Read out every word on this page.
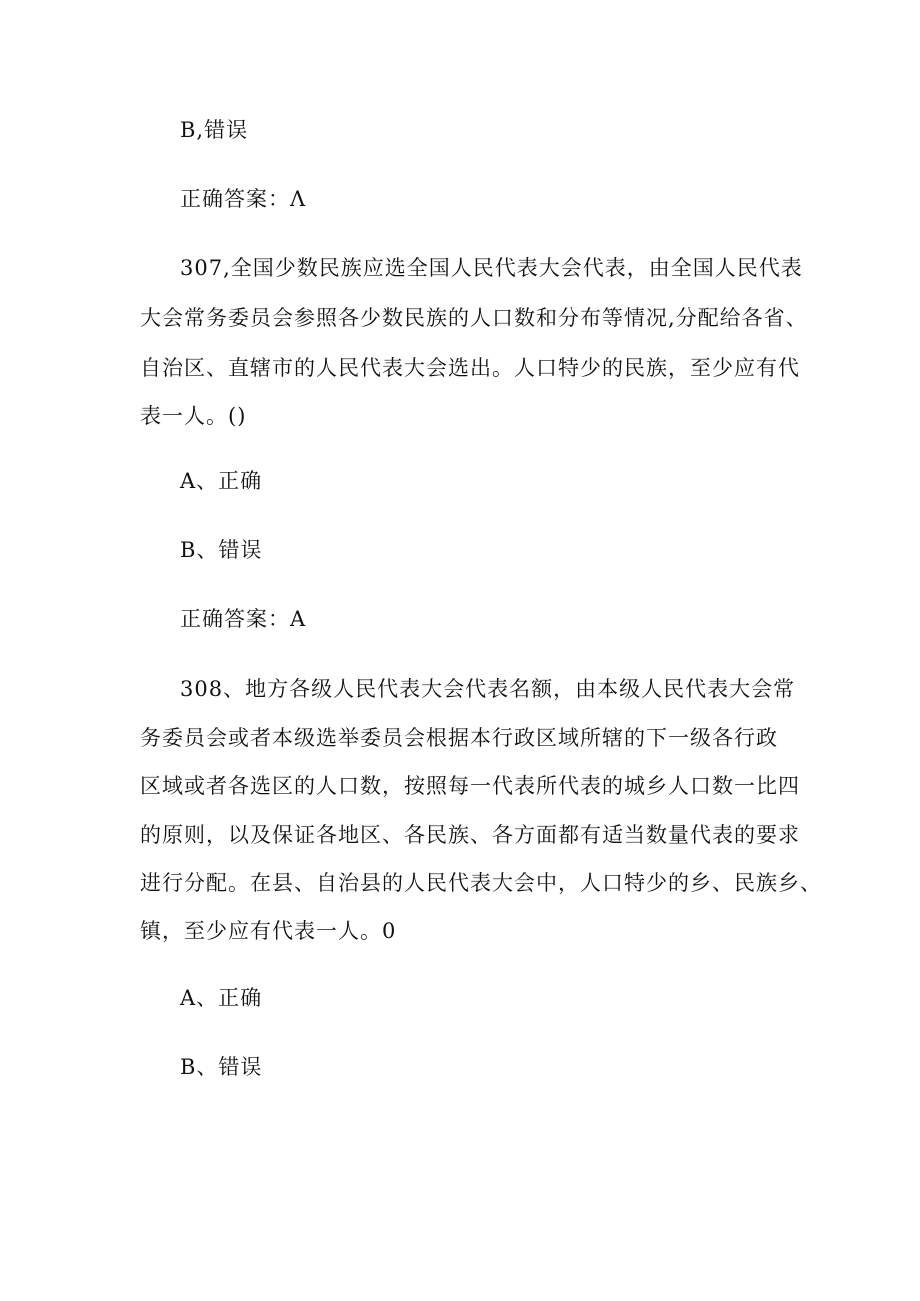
B,错误
正确答案：Λ
307,全国少数民族应选全国人民代表大会代表，由全国人民代表
大会常务委员会参照各少数民族的人口数和分布等情况,分配给各省、
自治区、直辖市的人民代表大会选出。人口特少的民族，至少应有代
表一人。()
A、正确
B、错误
正确答案：A
308、地方各级人民代表大会代表名额，由本级人民代表大会常
务委员会或者本级选举委员会根据本行政区域所辖的下一级各行政
区域或者各选区的人口数，按照每一代表所代表的城乡人口数一比四
的原则，以及保证各地区、各民族、各方面都有适当数量代表的要求
进行分配。在县、自治县的人民代表大会中，人口特少的乡、民族乡、
镇，至少应有代表一人。0
A、正确
B、错误
